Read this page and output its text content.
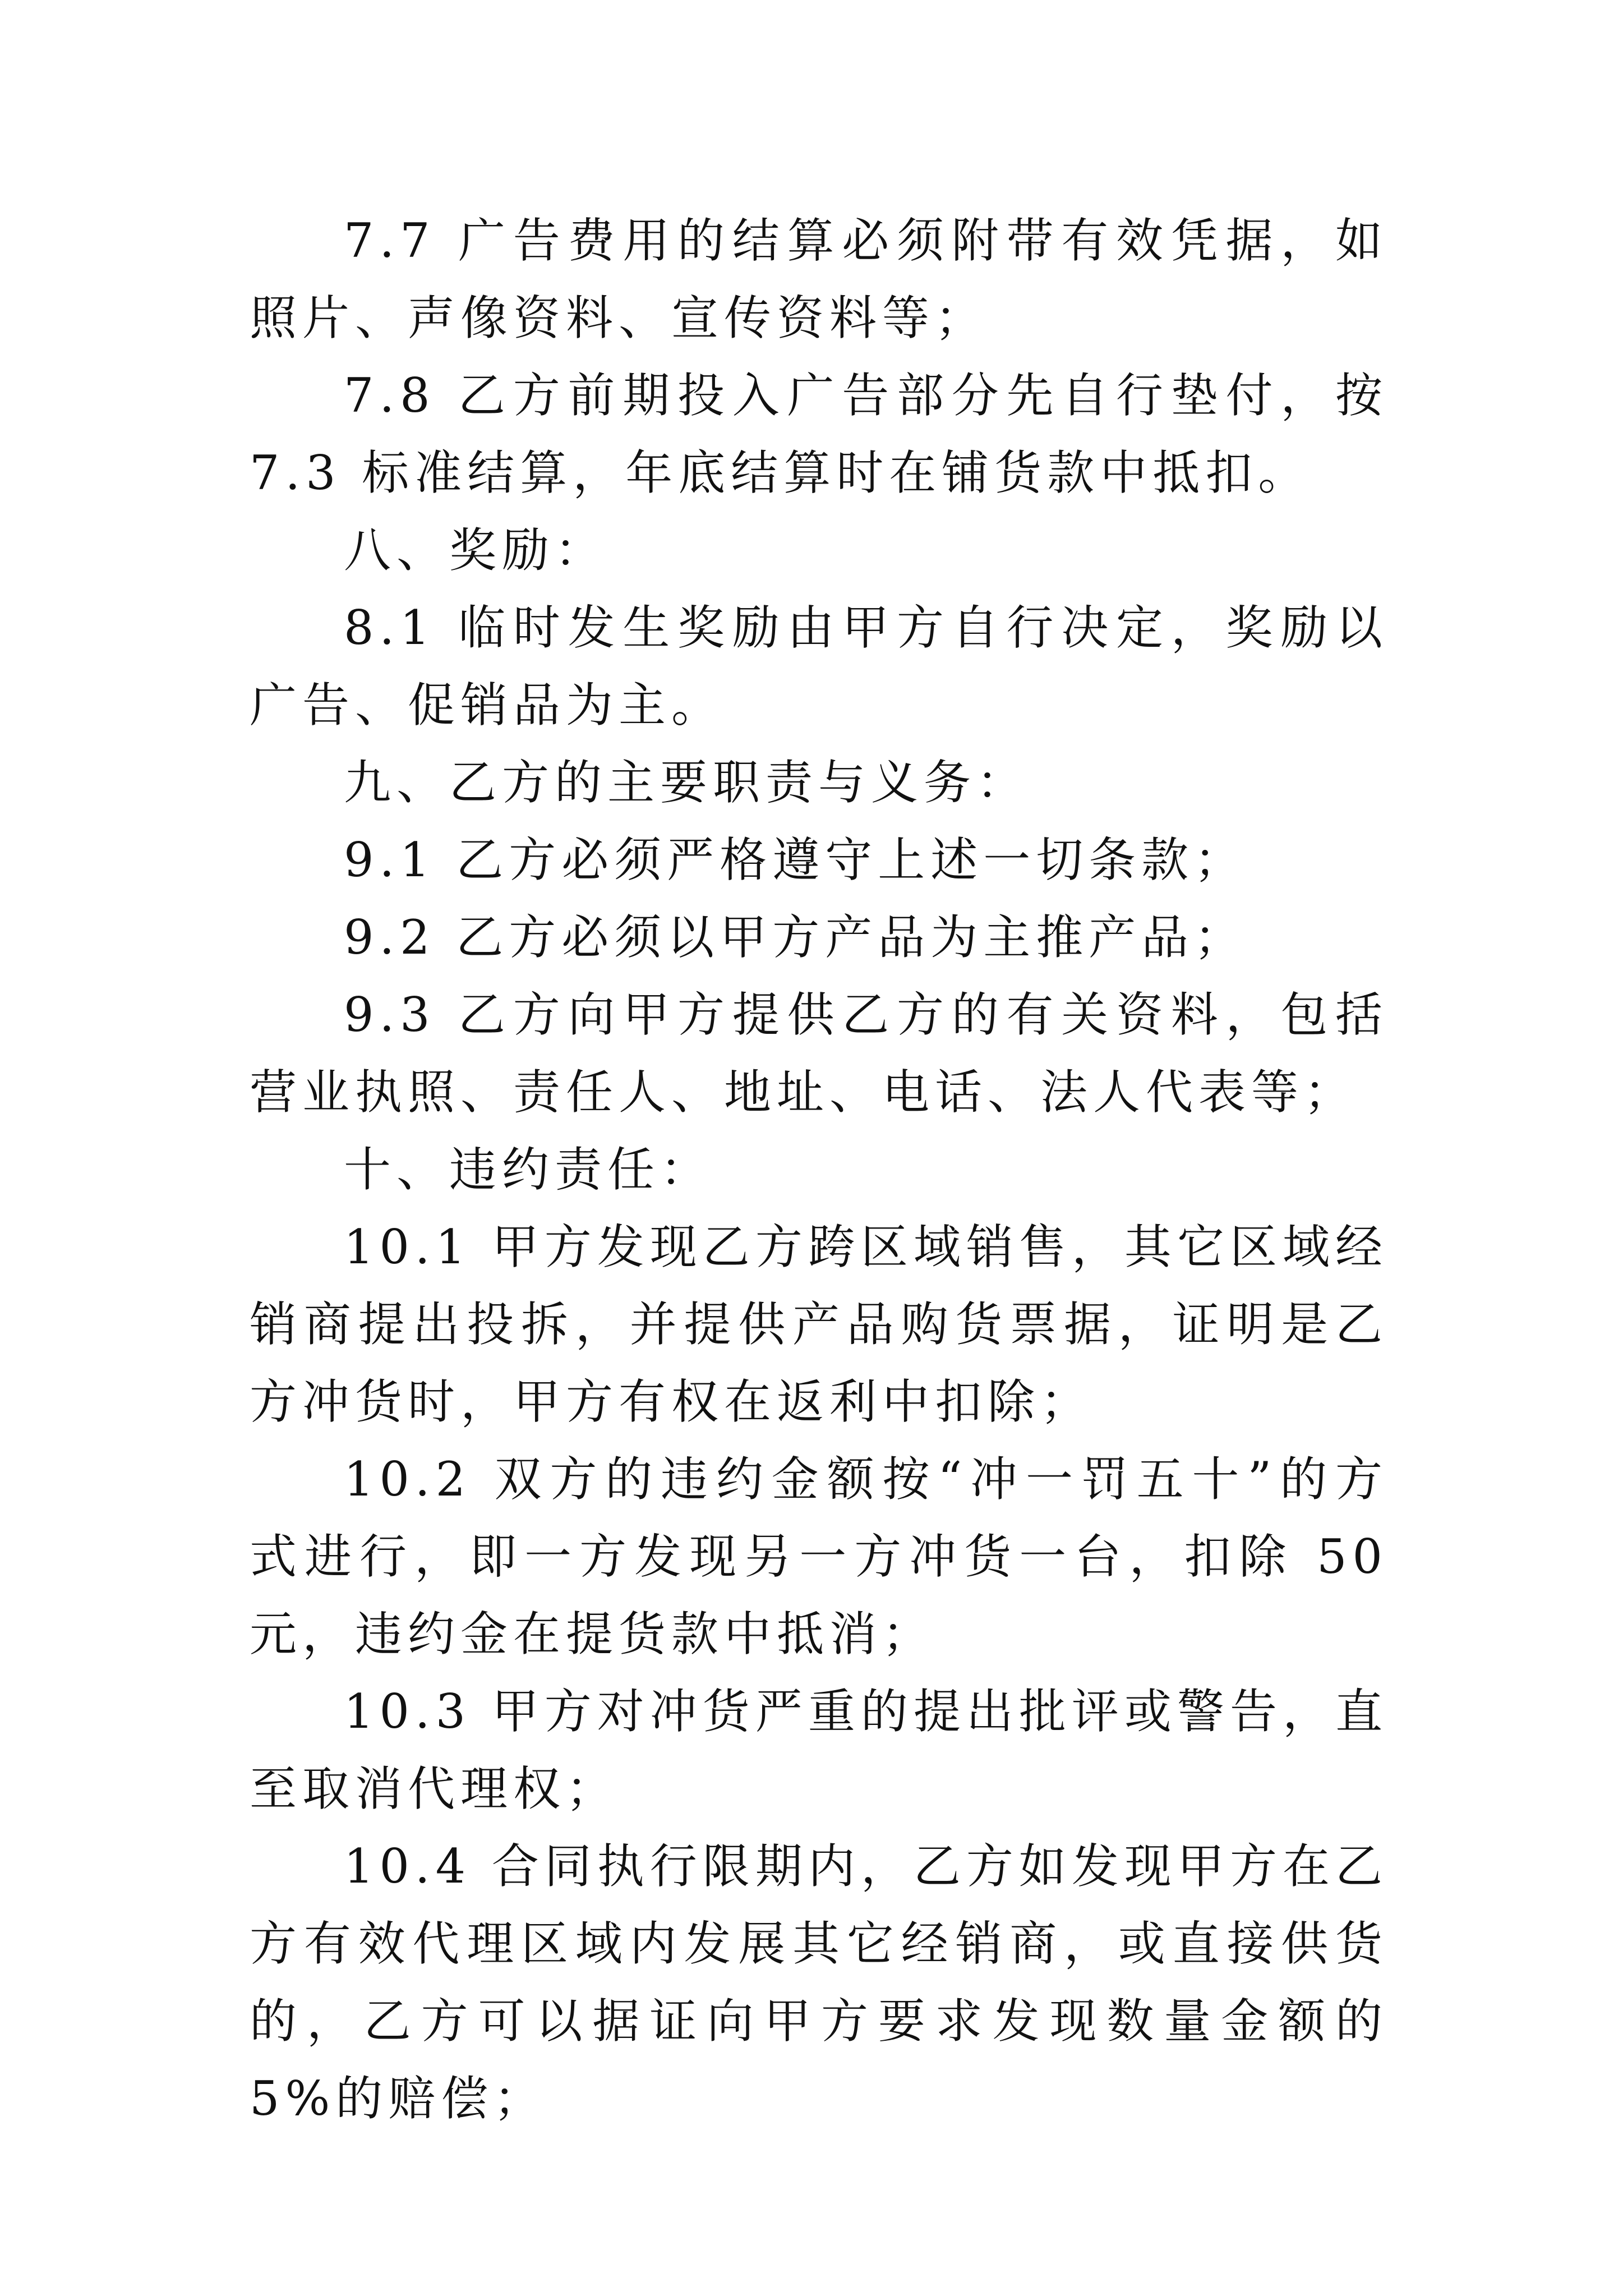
7.7 广告费用的结算必须附带有效凭据，如照片、声像资料、宣传资料等；

7.8 乙方前期投入广告部分先自行垫付，按 7.3 标准结算，年底结算时在铺货款中抵扣。

八、奖励：

8.1 临时发生奖励由甲方自行决定，奖励以广告、促销品为主。

九、乙方的主要职责与义务：

9.1 乙方必须严格遵守上述一切条款；

9.2 乙方必须以甲方产品为主推产品；

9.3 乙方向甲方提供乙方的有关资料，包括营业执照、责任人、地址、电话、法人代表等；

十、违约责任：

10.1 甲方发现乙方跨区域销售，其它区域经销商提出投拆，并提供产品购货票据，证明是乙方冲货时，甲方有权在返利中扣除；

10.2 双方的违约金额按“冲一罚五十”的方式进行，即一方发现另一方冲货一台，扣除 50 元，违约金在提货款中抵消；

10.3 甲方对冲货严重的提出批评或警告，直至取消代理权；

10.4 合同执行限期内，乙方如发现甲方在乙方有效代理区域内发展其它经销商，或直接供货的，乙方可以据证向甲方要求发现数量金额的 5%的赔偿；
